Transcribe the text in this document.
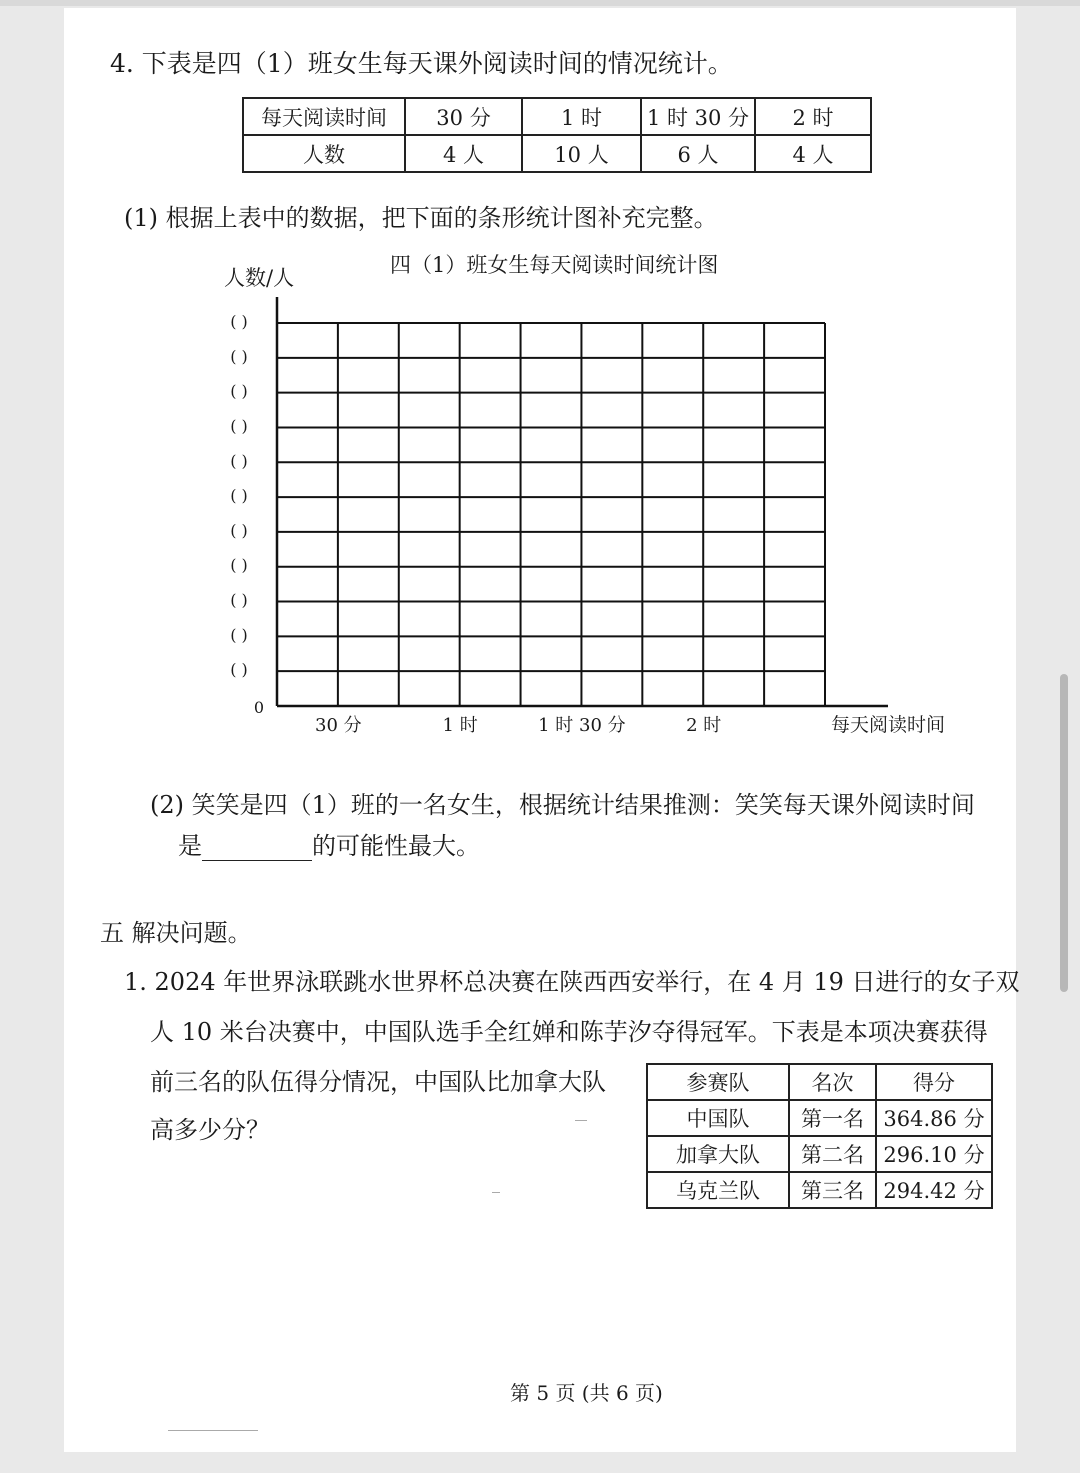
4. 下表是四（1）班女生每天课外阅读时间的情况统计。
每天阅读时间	30 分	1 时	1 时 30 分	2 时
人数	4 人	10 人	6 人	4 人
(1) 根据上表中的数据，把下面的条形统计图补充完整。
四（1）班女生每天阅读时间统计图
人数/人
0
( )
( )
( )
( )
( )
( )
( )
( )
( )
( )
( )
30 分	1 时	1 时 30 分	2 时	每天阅读时间
(2) 笑笑是四（1）班的一名女生，根据统计结果推测：笑笑每天课外阅读时间
是	的可能性最大。
五 解决问题。
1. 2024 年世界泳联跳水世界杯总决赛在陕西西安举行，在 4 月 19 日进行的女子双
人 10 米台决赛中，中国队选手全红婵和陈芋汐夺得冠军。下表是本项决赛获得
前三名的队伍得分情况，中国队比加拿大队
高多少分？
参赛队	名次	得分
中国队	第一名	364.86 分
加拿大队	第二名	296.10 分
乌克兰队	第三名	294.42 分
第 5 页 (共 6 页)
